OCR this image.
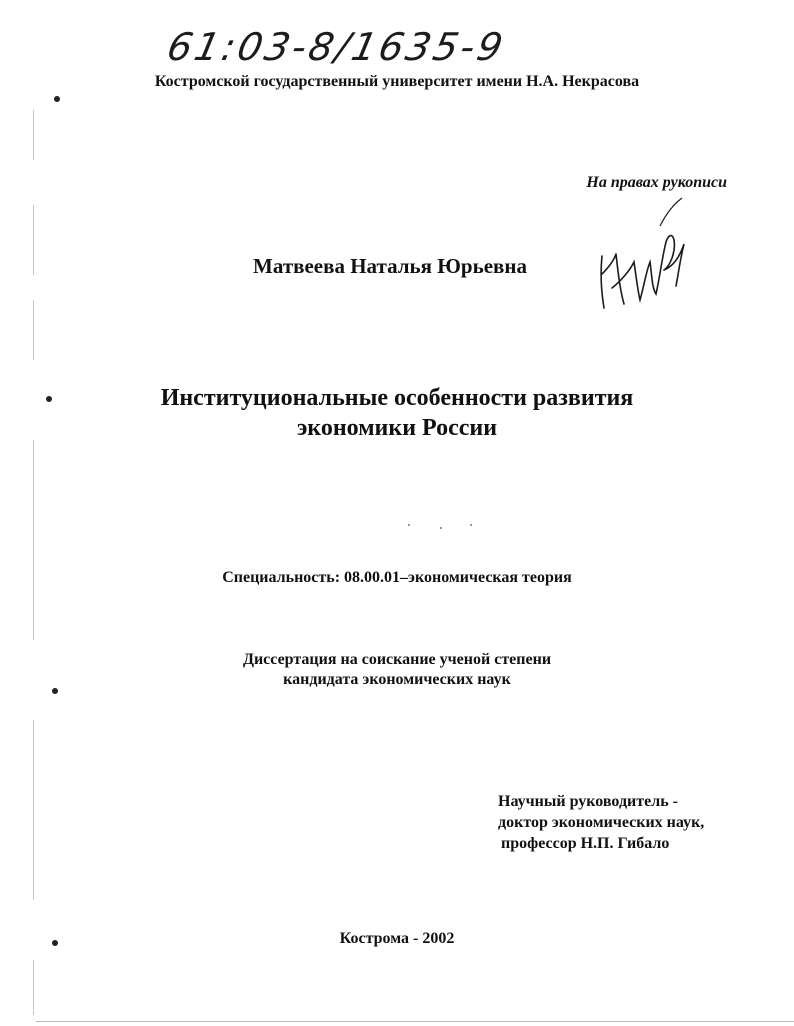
61:03-8/1635-9
Костромской государственный университет имени Н.А. Некрасова
На правах рукописи
Матвеева Наталья Юрьевна
Институциональные особенности развития
экономики России
Специальность: 08.00.01–экономическая теория
Диссертация на соискание ученой степени
кандидата экономических наук
Научный руководитель -
доктор экономических наук,
профессор Н.П. Гибало
Кострома - 2002
